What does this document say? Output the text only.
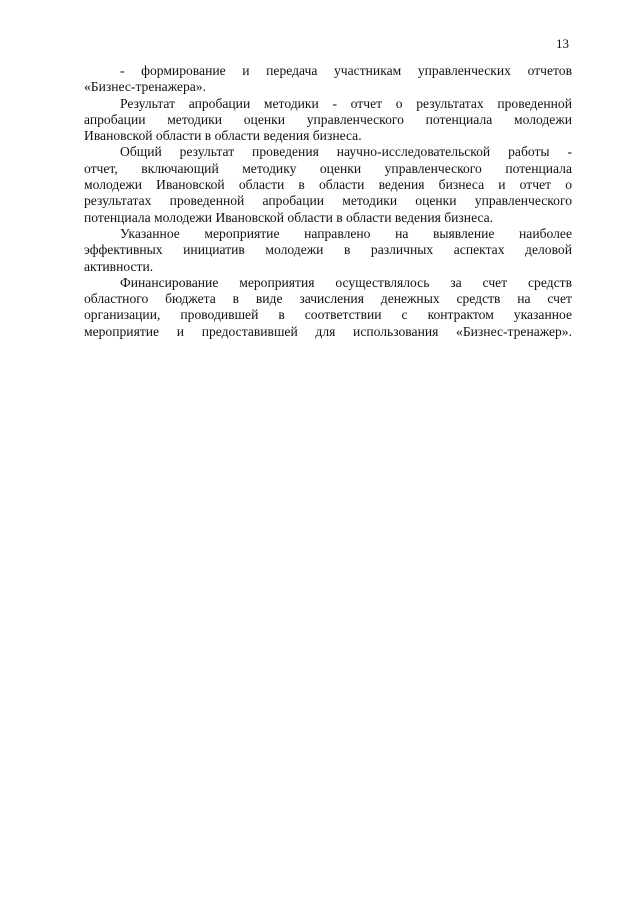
13

- формирование и передача участникам управленческих отчетов
«Бизнес-тренажера».

Результат апробации методики - отчет о результатах проведенной
апробации методики оценки управленческого потенциала молодежи
Ивановской области в области ведения бизнеса.

Общий результат проведения научно-исследовательской работы -
отчет, включающий методику оценки управленческого потенциала
молодежи Ивановской области в области ведения бизнеса и отчет о
результатах проведенной апробации методики оценки управленческого
потенциала молодежи Ивановской области в области ведения бизнеса.

Указанное мероприятие направлено на выявление наиболее
эффективных инициатив молодежи в различных аспектах деловой
активности.

Финансирование мероприятия осуществлялось за счет средств
областного бюджета в виде зачисления денежных средств на счет
организации, проводившей в соответствии с контрактом указанное
мероприятие и предоставившей для использования «Бизнес-тренажер».
